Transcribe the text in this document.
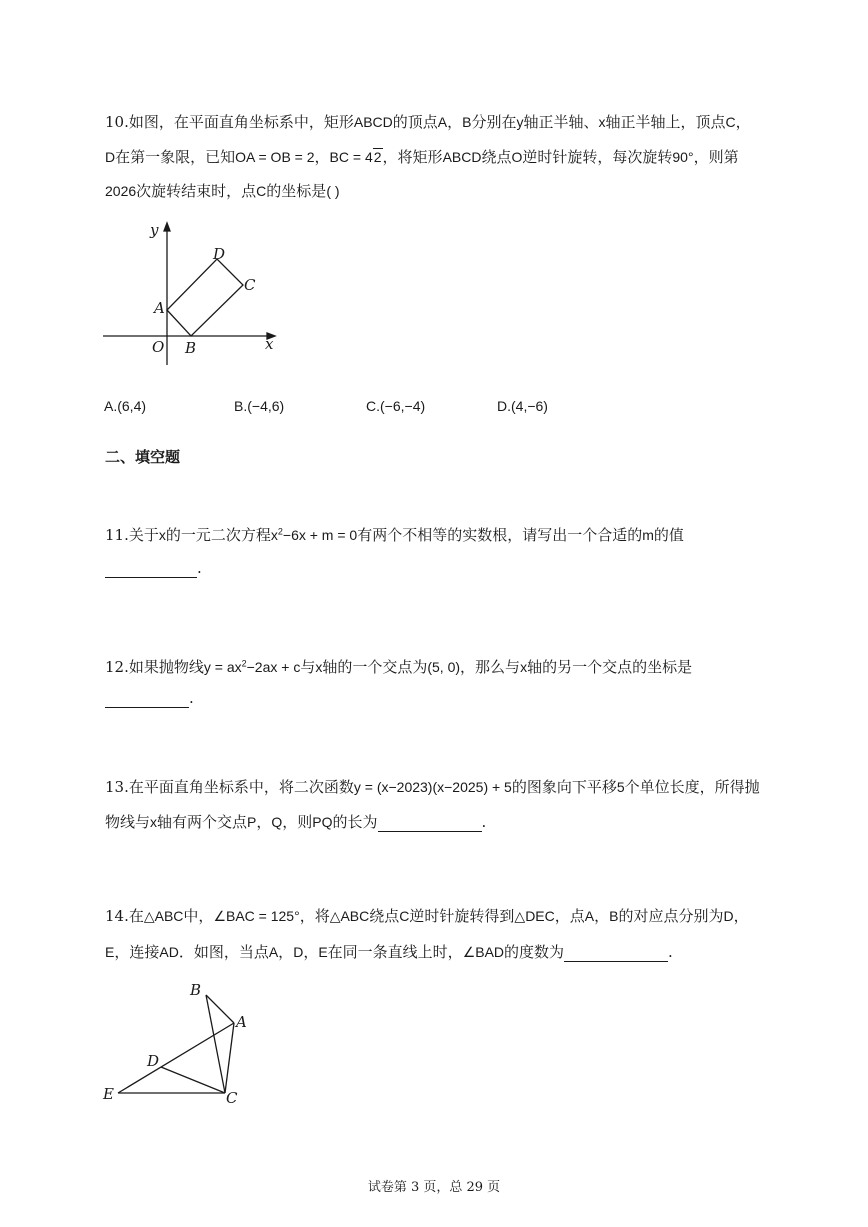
10.如图，在平面直角坐标系中，矩形ABCD的顶点A，B分别在y轴正半轴、x轴正半轴上，顶点C，
D在第一象限，已知OA = OB = 2，BC = 42，将矩形ABCD绕点O逆时针旋转，每次旋转90°，则第
2026次旋转结束时，点C的坐标是( )
y
x
O
A
B
C
D
A.(6,4)	B.(−4,6)	C.(−6,−4)	D.(4,−6)
二、填空题
11.关于x的一元二次方程$x^2-6x + m = 0$有两个不相等的实数根，请写出一个合适的m的值
.
12.如果抛物线$y = ax^2-2ax + c$与x轴的一个交点为(5, 0)，那么与x轴的另一个交点的坐标是
.
13.在平面直角坐标系中，将二次函数y = (x−2023)(x−2025) + 5的图象向下平移5个单位长度，所得抛
物线与x轴有两个交点P，Q，则PQ的长为	.
14.在△ABC中，∠BAC = 125°，将△ABC绕点C逆时针旋转得到△DEC，点A，B的对应点分别为D，
E，连接AD．如图，当点A，D，E在同一条直线上时，∠BAD的度数为	.
B
A
D
E	C
试卷第 3 页，总 29 页
